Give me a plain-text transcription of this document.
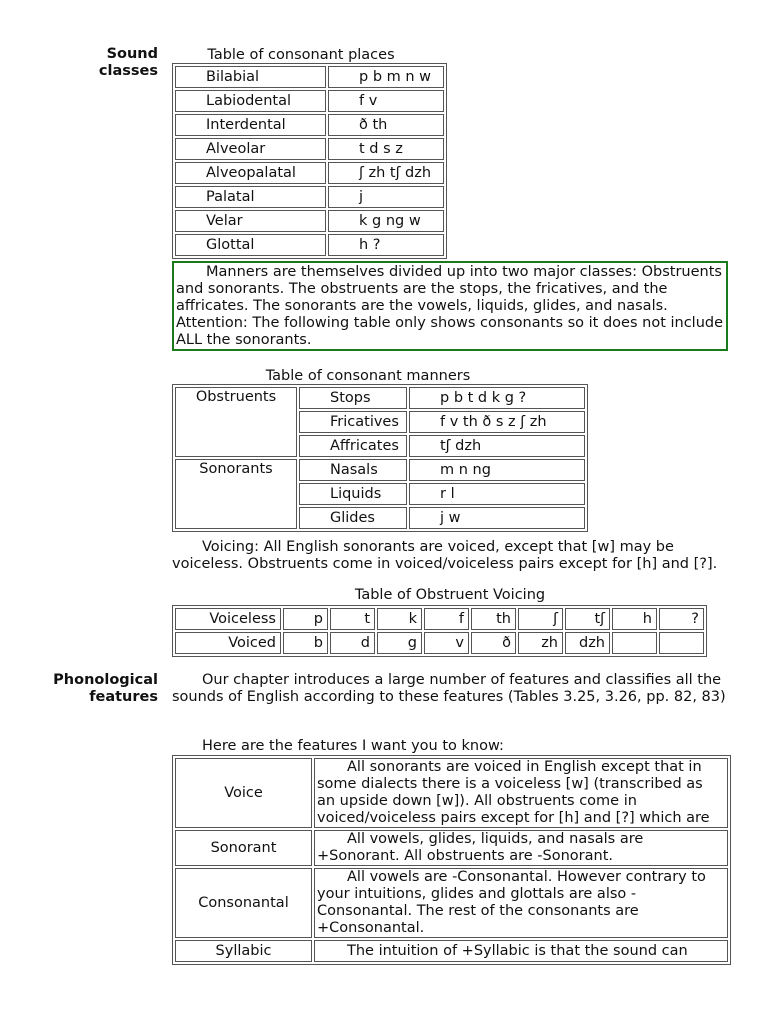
Sound classes
Table of consonant places
Bilabial	p b m n w
Labiodental	f v
Interdental	ð th
Alveolar	t d s z
Alveopalatal	ʃ zh tʃ dzh
Palatal	j
Velar	k g ng w
Glottal	h ?
Manners are themselves divided up into two major classes: Obstruents and sonorants. The obstruents are the stops, the fricatives, and the affricates. The sonorants are the vowels, liquids, glides, and nasals. Attention: The following table only shows consonants so it does not include ALL the sonorants.
Table of consonant manners
Obstruents	Stops	p b t d k g ?
	Fricatives	f v th ð s z ʃ zh
	Affricates	tʃ dzh
Sonorants	Nasals	m n ng
	Liquids	r l
	Glides	j w
Voicing: All English sonorants are voiced, except that [w] may be voiceless. Obstruents come in voiced/voiceless pairs except for [h] and [?].
Table of Obstruent Voicing
Voiceless	p	t	k	f	th	ʃ	tʃ	h	?
Voiced	b	d	g	v	ð	zh	dzh		
Phonological features
Our chapter introduces a large number of features and classifies all the sounds of English according to these features (Tables 3.25, 3.26, pp. 82, 83)
Here are the features I want you to know:
Voice	All sonorants are voiced in English except that in some dialects there is a voiceless [w] (transcribed as an upside down [w]). All obstruents come in voiced/voiceless pairs except for [h] and [?] which are
Sonorant	All vowels, glides, liquids, and nasals are +Sonorant. All obstruents are -Sonorant.
Consonantal	All vowels are -Consonantal. However contrary to your intuitions, glides and glottals are also -Consonantal. The rest of the consonants are +Consonantal.
Syllabic	The intuition of +Syllabic is that the sound can
